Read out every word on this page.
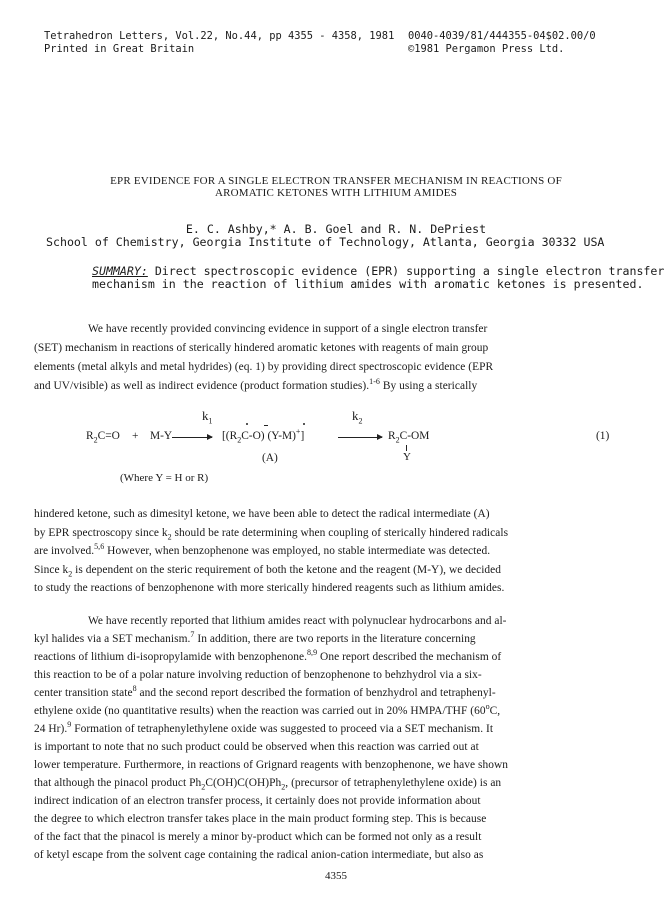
Tetrahedron Letters, Vol.22, No.44, pp 4355 - 4358, 1981
Printed in Great Britain
0040-4039/81/444355-04$02.00/0
©1981 Pergamon Press Ltd.
EPR EVIDENCE FOR A SINGLE ELECTRON TRANSFER MECHANISM IN REACTIONS OF
AROMATIC KETONES WITH LITHIUM AMIDES
E. C. Ashby,* A. B. Goel and R. N. DePriest
School of Chemistry, Georgia Institute of Technology, Atlanta, Georgia 30332 USA
SUMMARY: Direct spectroscopic evidence (EPR) supporting a single electron transfer
mechanism in the reaction of lithium amides with aromatic ketones is presented.
We have recently provided convincing evidence in support of a single electron transfer
(SET) mechanism in reactions of sterically hindered aromatic ketones with reagents of main group
elements (metal alkyls and metal hydrides) (eq. 1) by providing direct spectroscopic evidence (EPR
and UV/visible) as well as indirect evidence (product formation studies).$^{1-6}$ By using a sterically
$R_2C=O + M-Y$
$k_1$
[$(R_2C-O)$ (Y-M)+]
(A)
$k_2$
$R_2C-OM$
Y
(1)
(Where Y = H or R)
hindered ketone, such as dimesityl ketone, we have been able to detect the radical intermediate (A)
by EPR spectroscopy since $k_2$ should be rate determining when coupling of sterically hindered radicals
are involved.$^{5,6}$ However, when benzophenone was employed, no stable intermediate was detected.
Since $k_2$ is dependent on the steric requirement of both the ketone and the reagent (M-Y), we decided
to study the reactions of benzophenone with more sterically hindered reagents such as lithium amides.
We have recently reported that lithium amides react with polynuclear hydrocarbons and al-
kyl halides via a SET mechanism.$^7$ In addition, there are two reports in the literature concerning
reactions of lithium di-isopropylamide with benzophenone.$^{8,9}$ One report described the mechanism of
this reaction to be of a polar nature involving reduction of benzophenone to behzhydrol via a six-
center transition state$^8$ and the second report described the formation of benzhydrol and tetraphenyl-
ethylene oxide (no quantitative results) when the reaction was carried out in 20% HMPA/THF (60$^o$C,
24 Hr).$^9$ Formation of tetraphenylethylene oxide was suggested to proceed via a SET mechanism. It
is important to note that no such product could be observed when this reaction was carried out at
lower temperature. Furthermore, in reactions of Grignard reagents with benzophenone, we have shown
that although the pinacol product $Ph_2C(OH)C(OH)Ph_2$, (precursor of tetraphenylethylene oxide) is an
indirect indication of an electron transfer process, it certainly does not provide information about
the degree to which electron transfer takes place in the main product forming step. This is because
of the fact that the pinacol is merely a minor by-product which can be formed not only as a result
of ketyl escape from the solvent cage containing the radical anion-cation intermediate, but also as
4355
